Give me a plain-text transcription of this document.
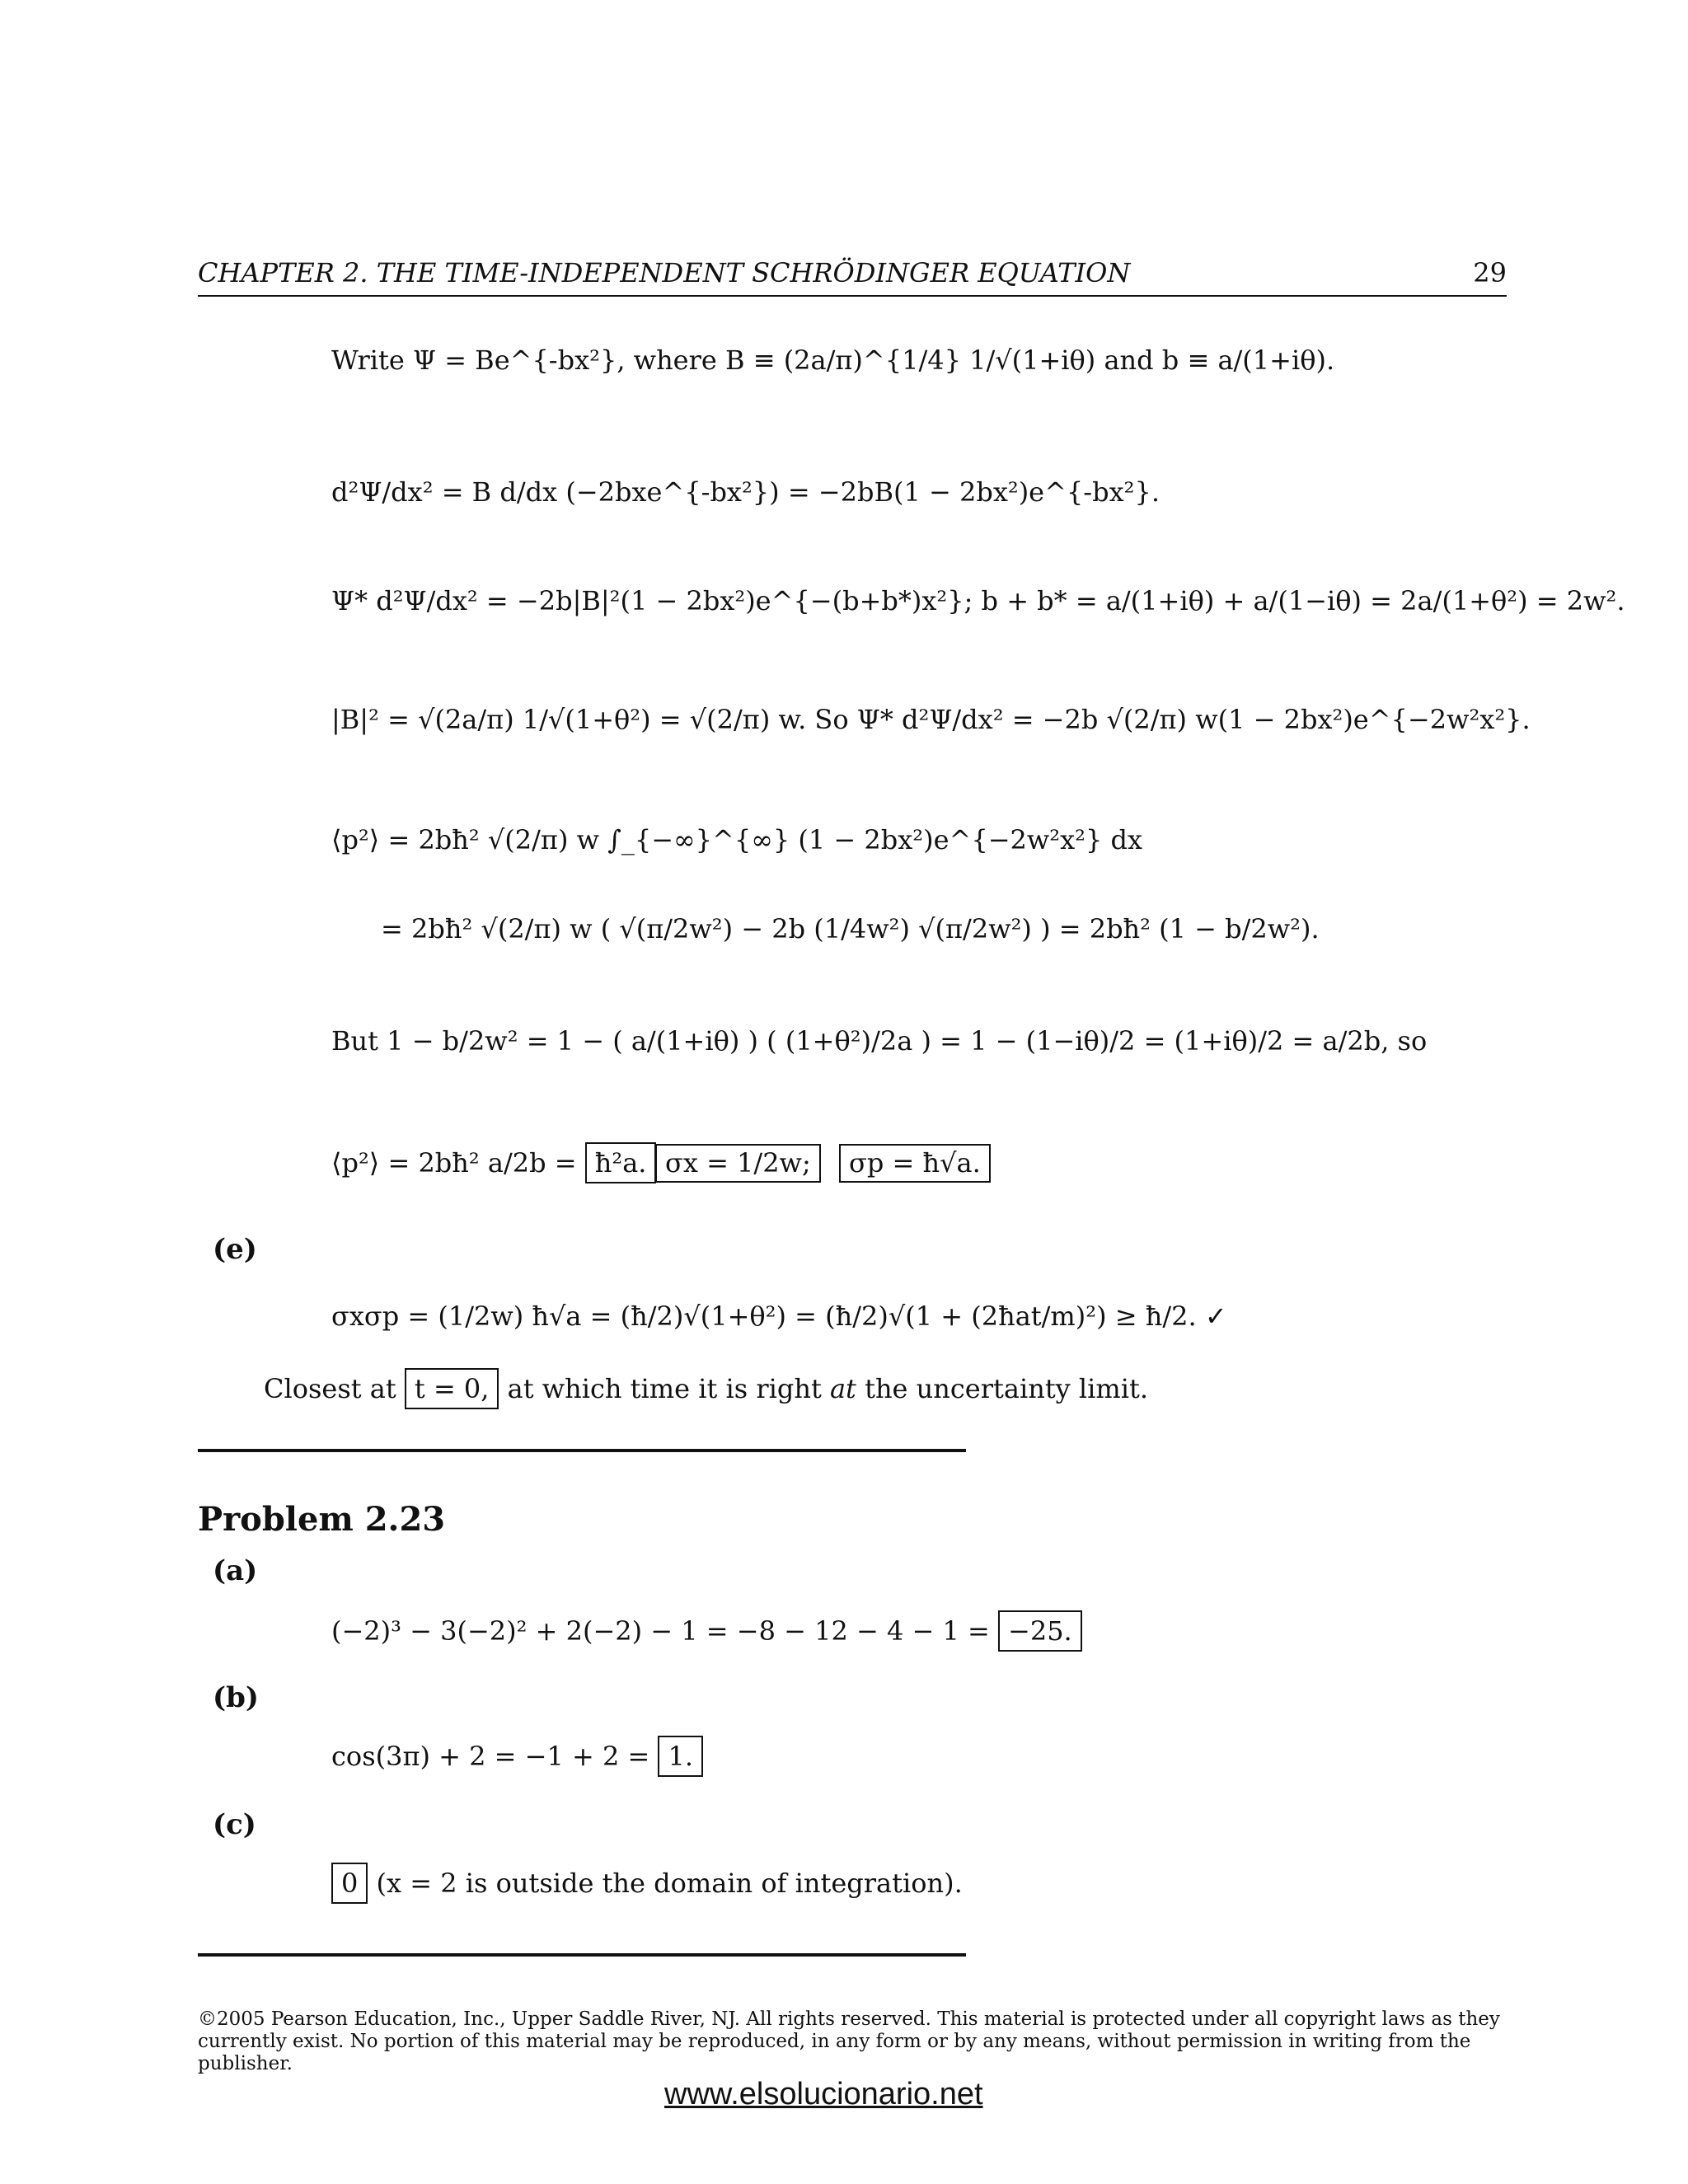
CHAPTER 2. THE TIME-INDEPENDENT SCHRÖDINGER EQUATION	29
Write Ψ = Be^{-bx²}, where B ≡ (2a/π)^{1/4} 1/√(1+iθ) and b ≡ a/(1+iθ).
d²Ψ/dx² = B d/dx (−2bxe^{-bx²}) = −2bB(1 − 2bx²)e^{-bx²}.
Ψ* d²Ψ/dx² = −2b|B|²(1 − 2bx²)e^{−(b+b*)x²}; b + b* = a/(1+iθ) + a/(1−iθ) = 2a/(1+θ²) = 2w².
|B|² = √(2a/π) 1/√(1+θ²) = √(2/π) w. So Ψ* d²Ψ/dx² = −2b √(2/π) w(1 − 2bx²)e^{−2w²x²}.
⟨p²⟩ = 2bħ² √(2/π) w ∫_{−∞}^{∞} (1 − 2bx²)e^{−2w²x²} dx
= 2bħ² √(2/π) w ( √(π/2w²) − 2b (1/4w²) √(π/2w²) ) = 2bħ² (1 − b/2w²).
But 1 − b/2w² = 1 − ( a/(1+iθ) ) ( (1+θ²)/2a ) = 1 − (1−iθ)/2 = (1+iθ)/2 = a/2b, so
⟨p²⟩ = 2bħ² a/2b = ħ²a. σx = 1/2w;	σp = ħ√a.
(e)
σxσp = (1/2w) ħ√a = (ħ/2)√(1+θ²) = (ħ/2)√(1 + (2ħat/m)²) ≥ ħ/2. ✓
Closest at t = 0, at which time it is right at the uncertainty limit.
Problem 2.23
(a)
(−2)³ − 3(−2)² + 2(−2) − 1 = −8 − 12 − 4 − 1 = −25.
(b)
cos(3π) + 2 = −1 + 2 = 1.
(c)
0 (x = 2 is outside the domain of integration).
©2005 Pearson Education, Inc., Upper Saddle River, NJ. All rights reserved. This material is protected under all copyright laws as they currently exist. No portion of this material may be reproduced, in any form or by any means, without permission in writing from the publisher.
www.elsolucionario.net
